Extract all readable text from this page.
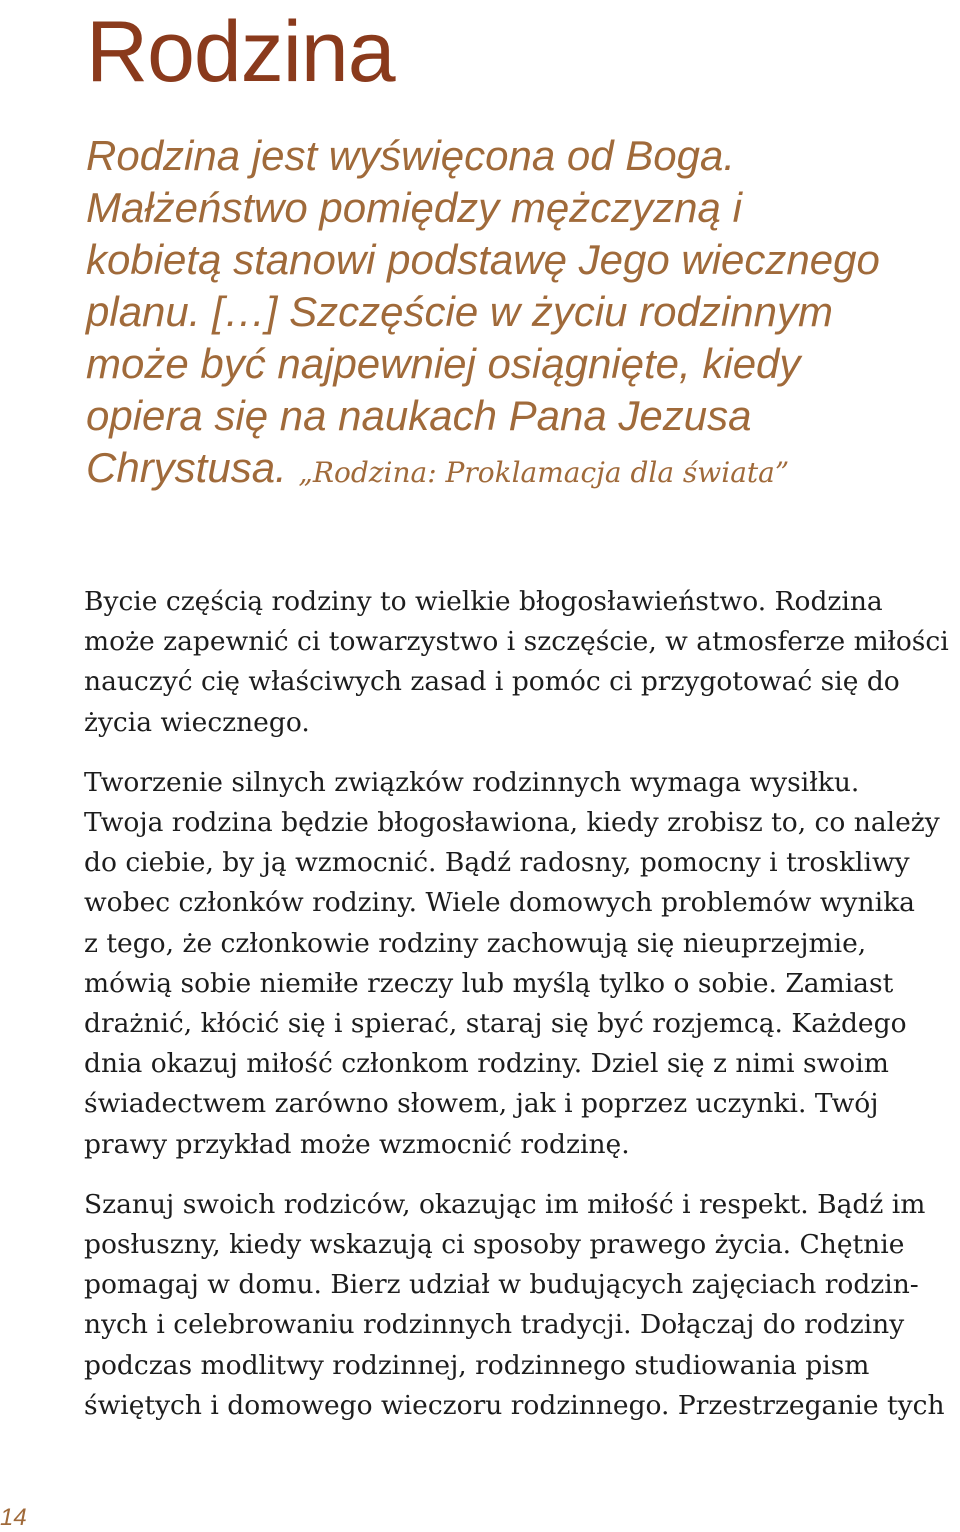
Rodzina
Rodzina jest wyświęcona od Boga.
Małżeństwo pomiędzy mężczyzną i
kobietą stanowi podstawę Jego wiecznego
planu. […] Szczęście w życiu rodzinnym
może być najpewniej osiągnięte, kiedy
opiera się na naukach Pana Jezusa
Chrystusa. „Rodzina: Proklamacja dla świata”

Bycie częścią rodziny to wielkie błogosławieństwo. Rodzina
może zapewnić ci towarzystwo i szczęście, w atmosferze miłości
nauczyć cię właściwych zasad i pomóc ci przygotować się do
życia wiecznego.

Tworzenie silnych związków rodzinnych wymaga wysiłku.
Twoja rodzina będzie błogosławiona, kiedy zrobisz to, co należy
do ciebie, by ją wzmocnić. Bądź radosny, pomocny i troskliwy
wobec członków rodziny. Wiele domowych problemów wynika
z tego, że członkowie rodziny zachowują się nieuprzejmie,
mówią sobie niemiłe rzeczy lub myślą tylko o sobie. Zamiast
drażnić, kłócić się i spierać, staraj się być rozjemcą. Każdego
dnia okazuj miłość członkom rodziny. Dziel się z nimi swoim
świadectwem zarówno słowem, jak i poprzez uczynki. Twój
prawy przykład może wzmocnić rodzinę.

Szanuj swoich rodziców, okazując im miłość i respekt. Bądź im
posłuszny, kiedy wskazują ci sposoby prawego życia. Chętnie
pomagaj w domu. Bierz udział w budujących zajęciach rodzin-
nych i celebrowaniu rodzinnych tradycji. Dołączaj do rodziny
podczas modlitwy rodzinnej, rodzinnego studiowania pism
świętych i domowego wieczoru rodzinnego. Przestrzeganie tych

14
